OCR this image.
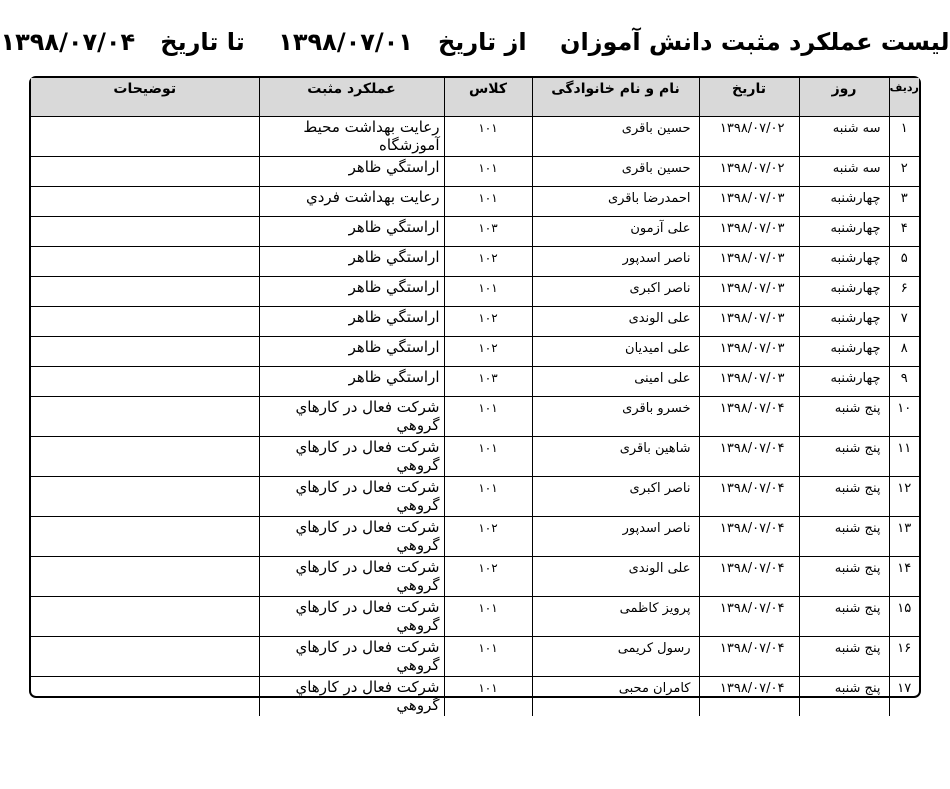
لیست عملکرد مثبت دانش آموزان    از تاریخ   ۱۳۹۸/۰۷/۰۱    تا تاریخ   ۱۳۹۸/۰۷/۰۴
ردیف	روز	تاریخ	نام و نام خانوادگی	کلاس	عملکرد مثبت	توضیحات
۱	سه شنبه	۱۳۹۸/۰۷/۰۲	حسین باقری	۱۰۱	رعایت بهداشت محیط آموزشگاه	
۲	سه شنبه	۱۳۹۸/۰۷/۰۲	حسین باقری	۱۰۱	اراستگي ظاهر	
۳	چهارشنبه	۱۳۹۸/۰۷/۰۳	احمدرضا باقری	۱۰۱	رعایت بهداشت فردي	
۴	چهارشنبه	۱۳۹۸/۰۷/۰۳	علی آزمون	۱۰۳	اراستگي ظاهر	
۵	چهارشنبه	۱۳۹۸/۰۷/۰۳	ناصر اسدپور	۱۰۲	اراستگي ظاهر	
۶	چهارشنبه	۱۳۹۸/۰۷/۰۳	ناصر اکبری	۱۰۱	اراستگي ظاهر	
۷	چهارشنبه	۱۳۹۸/۰۷/۰۳	علی الوندی	۱۰۲	اراستگي ظاهر	
۸	چهارشنبه	۱۳۹۸/۰۷/۰۳	علی امیدیان	۱۰۲	اراستگي ظاهر	
۹	چهارشنبه	۱۳۹۸/۰۷/۰۳	علی امینی	۱۰۳	اراستگي ظاهر	
۱۰	پنج شنبه	۱۳۹۸/۰۷/۰۴	خسرو باقری	۱۰۱	شرکت فعال در کارهاي گروهي	
۱۱	پنج شنبه	۱۳۹۸/۰۷/۰۴	شاهین باقری	۱۰۱	شرکت فعال در کارهاي گروهي	
۱۲	پنج شنبه	۱۳۹۸/۰۷/۰۴	ناصر اکبری	۱۰۱	شرکت فعال در کارهاي گروهي	
۱۳	پنج شنبه	۱۳۹۸/۰۷/۰۴	ناصر اسدپور	۱۰۲	شرکت فعال در کارهاي گروهي	
۱۴	پنج شنبه	۱۳۹۸/۰۷/۰۴	علی الوندی	۱۰۲	شرکت فعال در کارهاي گروهي	
۱۵	پنج شنبه	۱۳۹۸/۰۷/۰۴	پرویز کاظمی	۱۰۱	شرکت فعال در کارهاي گروهي	
۱۶	پنج شنبه	۱۳۹۸/۰۷/۰۴	رسول کریمی	۱۰۱	شرکت فعال در کارهاي گروهي	
۱۷	پنج شنبه	۱۳۹۸/۰۷/۰۴	کامران محبی	۱۰۱	شرکت فعال در کارهاي گروهي	
